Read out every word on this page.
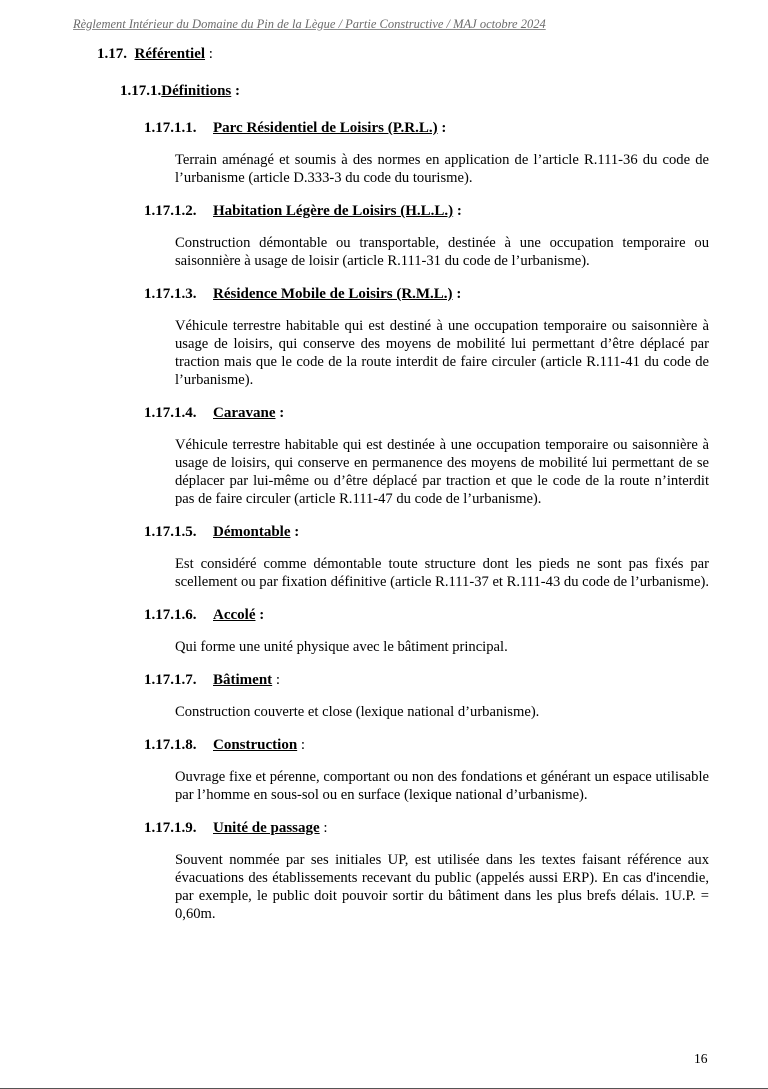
Règlement Intérieur du Domaine du Pin de la Lègue / Partie Constructive / MAJ octobre 2024
1.17. Référentiel :
1.17.1.Définitions :
1.17.1.1. Parc Résidentiel de Loisirs (P.R.L.) :
Terrain aménagé et soumis à des normes en application de l’article R.111-36 du code de l’urbanisme (article D.333-3 du code du tourisme).
1.17.1.2. Habitation Légère de Loisirs (H.L.L.) :
Construction démontable ou transportable, destinée à une occupation temporaire ou saisonnière à usage de loisir (article R.111-31 du code de l’urbanisme).
1.17.1.3. Résidence Mobile de Loisirs (R.M.L.) :
Véhicule terrestre habitable qui est destiné à une occupation temporaire ou saisonnière à usage de loisirs, qui conserve des moyens de mobilité lui permettant d’être déplacé par traction mais que le code de la route interdit de faire circuler (article R.111-41 du code de l’urbanisme).
1.17.1.4. Caravane :
Véhicule terrestre habitable qui est destinée à une occupation temporaire ou saisonnière à usage de loisirs, qui conserve en permanence des moyens de mobilité lui permettant de se déplacer par lui-même ou d’être déplacé par traction et que le code de la route n’interdit pas de faire circuler (article R.111-47 du code de l’urbanisme).
1.17.1.5. Démontable :
Est considéré comme démontable toute structure dont les pieds ne sont pas fixés par scellement ou par fixation définitive (article R.111-37 et R.111-43 du code de l’urbanisme).
1.17.1.6. Accolé :
Qui forme une unité physique avec le bâtiment principal.
1.17.1.7. Bâtiment :
Construction couverte et close (lexique national d’urbanisme).
1.17.1.8. Construction :
Ouvrage fixe et pérenne, comportant ou non des fondations et générant un espace utilisable par l’homme en sous-sol ou en surface (lexique national d’urbanisme).
1.17.1.9. Unité de passage :
Souvent nommée par ses initiales UP, est utilisée dans les textes faisant référence aux évacuations des établissements recevant du public (appelés aussi ERP). En cas d'incendie, par exemple, le public doit pouvoir sortir du bâtiment dans les plus brefs délais. 1U.P. = 0,60m.
16
